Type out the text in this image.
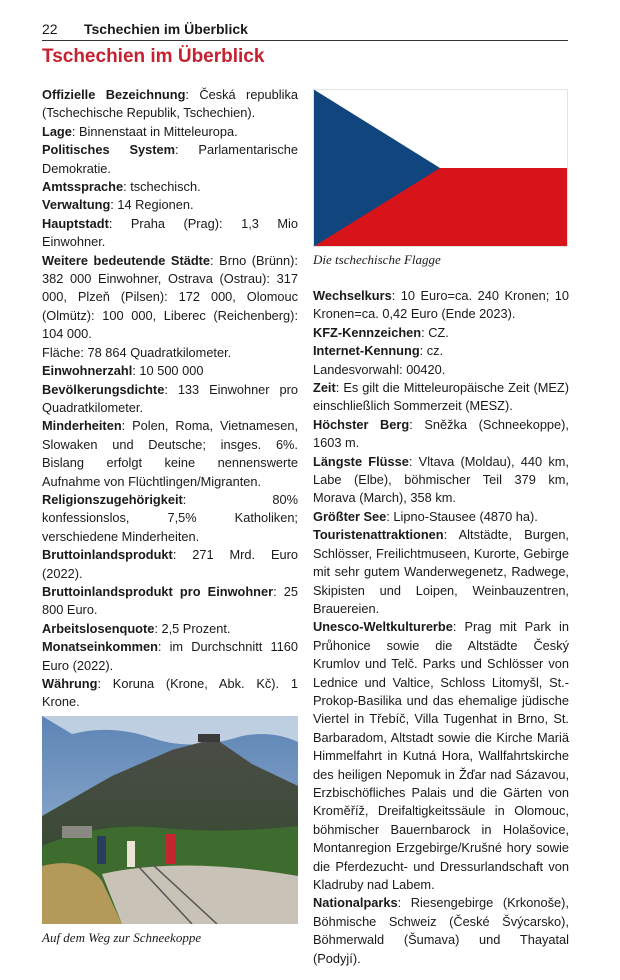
22 Tschechien im Überblick
Tschechien im Überblick

Offizielle Bezeichnung: Česká republika (Tschechische Republik, Tschechien).

Lage: Binnenstaat in Mitteleuropa.

Politisches System: Parlamentarische Demokratie.

Amtssprache: tschechisch.

Verwaltung: 14 Regionen.

Hauptstadt: Praha (Prag): 1,3 Mio Einwohner.

Weitere bedeutende Städte: Brno (Brünn): 382 000 Einwohner, Ostrava (Ostrau): 317 000, Plzeň (Pilsen): 172 000, Olomouc (Olmütz): 100 000, Liberec (Reichenberg): 104 000.

Fläche: 78 864 Quadratkilometer.

Einwohnerzahl: 10 500 000

Bevölkerungsdichte: 133 Einwohner pro Quadratkilometer.

Minderheiten: Polen, Roma, Vietnamesen, Slowaken und Deutsche; insges. 6%. Bislang erfolgt keine nennenswerte Aufnahme von Flüchtlingen/Migranten.

Religionszugehörigkeit: 80% konfessionslos, 7,5% Katholiken; verschiedene Minderheiten.

Bruttoinlandsprodukt: 271 Mrd. Euro (2022).

Bruttoinlandsprodukt pro Einwohner: 25 800 Euro.

Arbeitslosenquote: 2,5 Prozent.

Monatseinkommen: im Durchschnitt 1160 Euro (2022).

Währung: Koruna (Krone, Abk. Kč). 1 Krone.

Die tschechische Flagge

Wechselkurs: 10 Euro=ca. 240 Kronen; 10 Kronen=ca. 0,42 Euro (Ende 2023).

KFZ-Kennzeichen: CZ.

Internet-Kennung: cz.

Landesvorwahl: 00420.

Zeit: Es gilt die Mitteleuropäische Zeit (MEZ) einschließlich Sommerzeit (MESZ).

Höchster Berg: Sněžka (Schneekoppe), 1603 m.

Längste Flüsse: Vltava (Moldau), 440 km, Labe (Elbe), böhmischer Teil 379 km, Morava (March), 358 km.

Größter See: Lipno-Stausee (4870 ha).

Touristenattraktionen: Altstädte, Burgen, Schlösser, Freilichtmuseen, Kurorte, Gebirge mit sehr gutem Wanderwegenetz, Radwege, Skipisten und Loipen, Weinbauzentren, Brauereien.

Unesco-Weltkulturerbe: Prag mit Park in Průhonice sowie die Altstädte Český Krumlov und Telč. Parks und Schlösser von Lednice und Valtice, Schloss Litomyšl, St.-Prokop-Basilika und das ehemalige jüdische Viertel in Třebíč, Villa Tugenhat in Brno, St. Barbaradom, Altstadt sowie die Kirche Mariä Himmelfahrt in Kutná Hora, Wallfahrtskirche des heiligen Nepomuk in Žďar nad Sázavou, Erzbischöfliches Palais und die Gärten von Kroměříž, Dreifaltigkeitssäule in Olomouc, böhmischer Bauernbarock in Holašovice, Montanregion Erzgebirge/Krušné hory sowie die Pferdezucht- und Dressurlandschaft von Kladruby nad Labem.

Nationalparks: Riesengebirge (Krkonoše), Böhmische Schweiz (České Švýcarsko), Böhmerwald (Šumava) und Thayatal (Podyjí).

Auf dem Weg zur Schneekoppe
